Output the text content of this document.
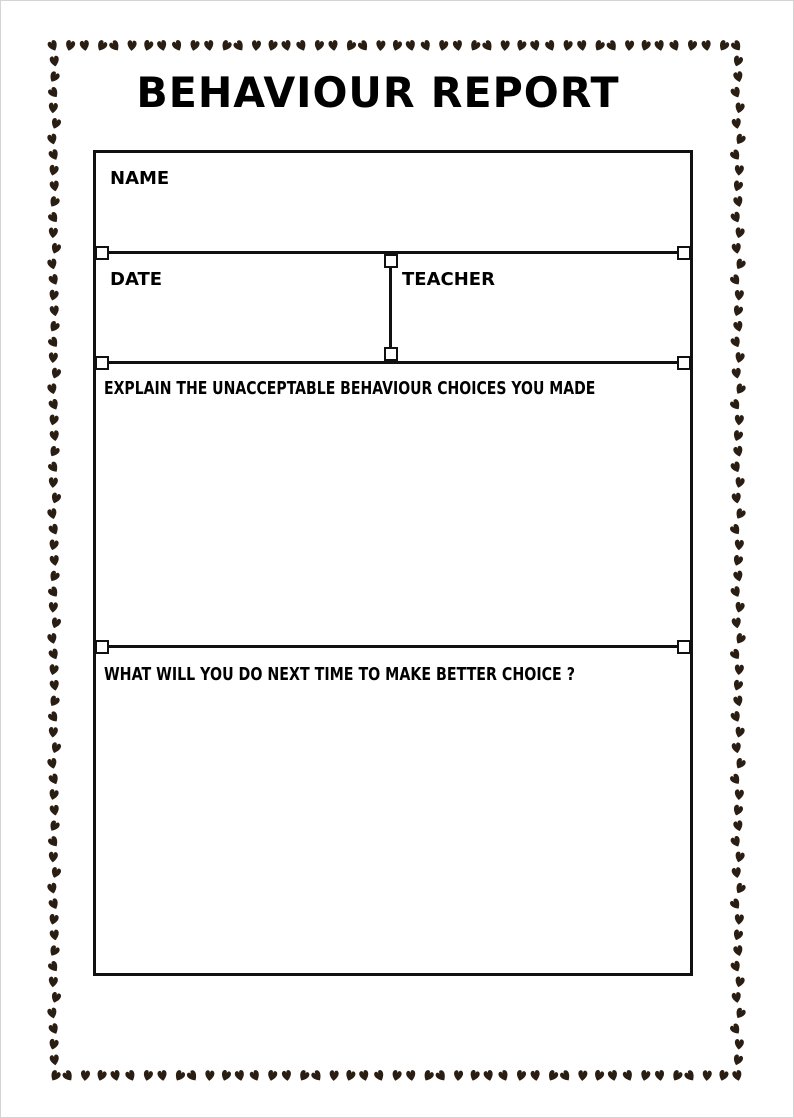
BEHAVIOUR REPORT
NAME
DATE	TEACHER
EXPLAIN THE UNACCEPTABLE BEHAVIOUR CHOICES YOU MADE
WHAT WILL YOU DO NEXT TIME TO MAKE BETTER CHOICE ?
